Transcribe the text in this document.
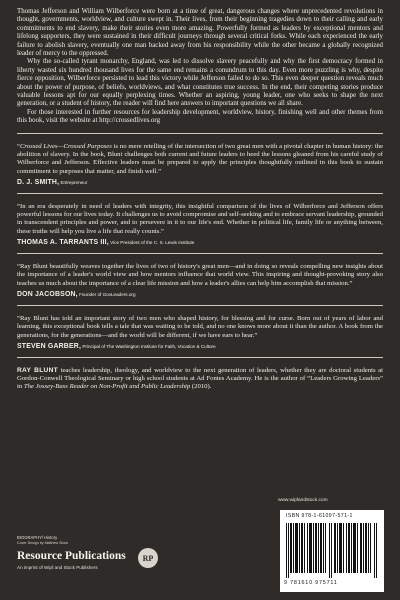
Thomas Jefferson and William Wilberforce were born at a time of great, dangerous changes where unprecedented revolutions in thought, governments, worldview, and culture swept in. Their lives, from their beginning tragedies down to their calling and early commitments to end slavery, make their stories even more amazing. Powerfully formed as leaders by exceptional mentors and lifelong supporters, they were sustained in their difficult journeys through several critical forks. While each experienced the early failure to abolish slavery, eventually one man backed away from his responsibility while the other became a globally recognized leader of mercy to the oppressed.

Why the so-called tyrant monarchy, England, was led to dissolve slavery peacefully and why the first democracy formed in liberty wasted six hundred thousand lives for the same end remains a conundrum to this day. Even more puzzling is why, despite fierce opposition, Wilberforce persisted to lead this victory while Jefferson failed to do so. This even deeper question reveals much about the power of purpose, of beliefs, worldviews, and what constitutes true success. In the end, their competing stories produce valuable lessons apt for our equally perplexing times. Whether an aspiring, young leader, one who seeks to shape the next generation, or a student of history, the reader will find here answers to important questions we all share.

For those interested in further resources for leadership development, worldview, history, finishing well and other themes from this book, visit the website at http://crossedlives.org

“Crossed Lives—Crossed Purposes is no mere retelling of the intersection of two great men with a pivotal chapter in human history: the abolition of slavery. In the book, Blunt challenges both current and future leaders to heed the lessons gleaned from his careful study of Wilberforce and Jefferson. Effective leaders must be prepared to apply the principles thoughtfully outlined in this book to sustain commitment to purposes that matter, and finish well.”

D. J. SMITH, Entrepreneur

“In an era desperately in need of leaders with integrity, this insightful comparison of the lives of Wilberforce and Jefferson offers powerful lessons for our lives today. It challenges us to avoid compromise and self-seeking and to embrace servant leadership, grounded in transcendent principles and power, and to persevere in it to our life's end. Whether in political life, family life or anything between, these truths will help you live a life that really counts.”

THOMAS A. TARRANTS III, Vice President of the C. S. Lewis Institute

“Ray Blunt beautifully weaves together the lives of two of history's great men—and in doing so reveals compelling new insights about the importance of a leader's world view and how mentors influence that world view. This inspiring and thought-provoking story also teaches us much about the importance of a clear life mission and how a leader's allies can help him accomplish that mission.”

DON JACOBSON, Founder of GovLeaders.org

“Ray Blunt has told an important story of two men who shaped history, for blessing and for curse. Born out of years of labor and learning, this exceptional book tells a tale that was waiting to be told, and no one knows more about it than the author. A book from the generations, for the generations—and the world will be different, if we have ears to hear.”

STEVEN GARBER, Principal of The Washington Institute for Faith, Vocation & Culture

RAY BLUNT teaches leadership, theology, and worldview to the next generation of leaders, whether they are doctoral students at Gordon-Conwell Theological Seminary or high school students at Ad Fontes Academy. He is the author of “Leaders Growing Leaders” in The Jossey-Bass Reader on Non-Profit and Public Leadership (2010).

www.wipfandstock.com
BIOGRAPHY/ History
Cover Design by Matthew Stock
Resource Publications
An imprint of Wipf and Stock Publishers
RP
ISBN 978-1-61097-571-1
9 781610 975711
